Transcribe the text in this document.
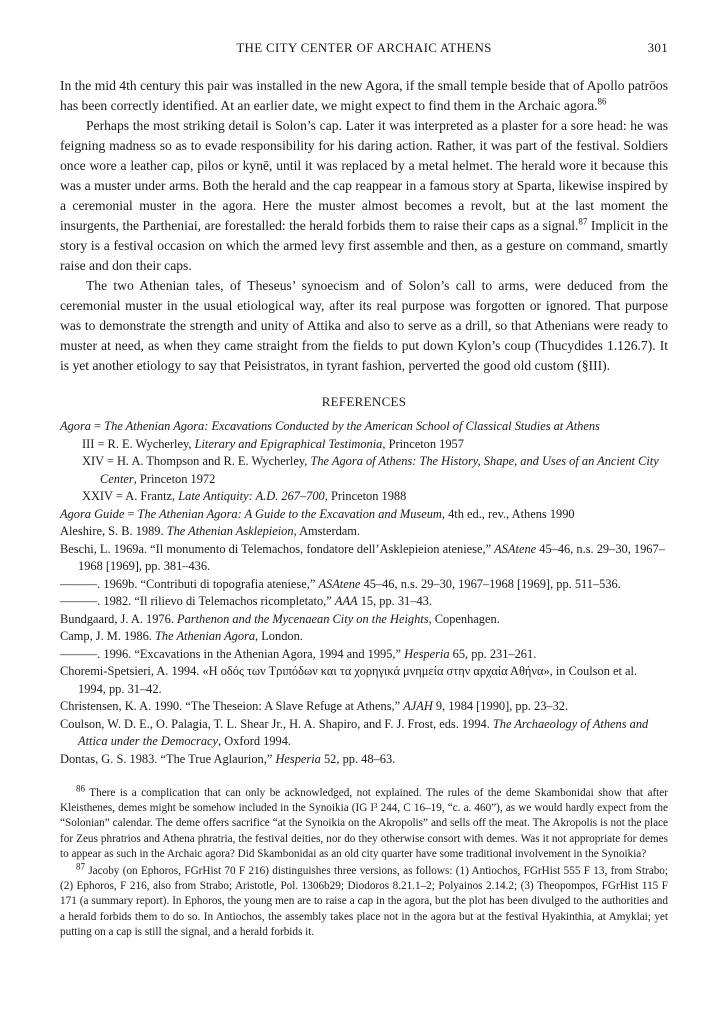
THE CITY CENTER OF ARCHAIC ATHENS	301

In the mid 4th century this pair was installed in the new Agora, if the small temple beside that of Apollo patrōos has been correctly identified. At an earlier date, we might expect to find them in the Archaic agora.$^{86}$

Perhaps the most striking detail is Solon’s cap. Later it was interpreted as a plaster for a sore head: he was feigning madness so as to evade responsibility for his daring action. Rather, it was part of the festival. Soldiers once wore a leather cap, pilos or kynē, until it was replaced by a metal helmet. The herald wore it because this was a muster under arms. Both the herald and the cap reappear in a famous story at Sparta, likewise inspired by a ceremonial muster in the agora. Here the muster almost becomes a revolt, but at the last moment the insurgents, the Partheniai, are forestalled: the herald forbids them to raise their caps as a signal.$^{87}$ Implicit in the story is a festival occasion on which the armed levy first assemble and then, as a gesture on command, smartly raise and don their caps.

The two Athenian tales, of Theseus’ synoecism and of Solon’s call to arms, were deduced from the ceremonial muster in the usual etiological way, after its real purpose was forgotten or ignored. That purpose was to demonstrate the strength and unity of Attika and also to serve as a drill, so that Athenians were ready to muster at need, as when they came straight from the fields to put down Kylon’s coup (Thucydides 1.126.7). It is yet another etiology to say that Peisistratos, in tyrant fashion, perverted the good old custom (§III).

REFERENCES
Agora = The Athenian Agora: Excavations Conducted by the American School of Classical Studies at Athens
III = R. E. Wycherley, Literary and Epigraphical Testimonia, Princeton 1957
XIV = H. A. Thompson and R. E. Wycherley, The Agora of Athens: The History, Shape, and Uses of an Ancient City Center, Princeton 1972
XXIV = A. Frantz, Late Antiquity: A.D. 267–700, Princeton 1988
Agora Guide = The Athenian Agora: A Guide to the Excavation and Museum, 4th ed., rev., Athens 1990
Aleshire, S. B. 1989. The Athenian Asklepieion, Amsterdam.
Beschi, L. 1969a. “Il monumento di Telemachos, fondatore dell’Asklepieion ateniese,” ASAtene 45–46, n.s. 29–30, 1967–1968 [1969], pp. 381–436.
———. 1969b. “Contributi di topografia ateniese,” ASAtene 45–46, n.s. 29–30, 1967–1968 [1969], pp. 511–536.
———. 1982. “Il rilievo di Telemachos ricompletato,” AAA 15, pp. 31–43.
Bundgaard, J. A. 1976. Parthenon and the Mycenaean City on the Heights, Copenhagen.
Camp, J. M. 1986. The Athenian Agora, London.
———. 1996. “Excavations in the Athenian Agora, 1994 and 1995,” Hesperia 65, pp. 231–261.
Choremi-Spetsieri, A. 1994. «Η οδός των Τριπόδων και τα χορηγικά μνημεία στην αρχαία Αθήνα», in Coulson et al. 1994, pp. 31–42.
Christensen, K. A. 1990. “The Theseion: A Slave Refuge at Athens,” AJAH 9, 1984 [1990], pp. 23–32.
Coulson, W. D. E., O. Palagia, T. L. Shear Jr., H. A. Shapiro, and F. J. Frost, eds. 1994. The Archaeology of Athens and Attica under the Democracy, Oxford 1994.
Dontas, G. S. 1983. “The True Aglaurion,” Hesperia 52, pp. 48–63.

$^{86}$ There is a complication that can only be acknowledged, not explained. The rules of the deme Skambonidai show that after Kleisthenes, demes might be somehow included in the Synoikia (IG I³ 244, C 16–19, “c. a. 460”), as we would hardly expect from the “Solonian” calendar. The deme offers sacrifice “at the Synoikia on the Akropolis” and sells off the meat. The Akropolis is not the place for Zeus phratrios and Athena phratria, the festival deities, nor do they otherwise consort with demes. Was it not appropriate for demes to appear as such in the Archaic agora? Did Skambonidai as an old city quarter have some traditional involvement in the Synoikia?

$^{87}$ Jacoby (on Ephoros, FGrHist 70 F 216) distinguishes three versions, as follows: (1) Antiochos, FGrHist 555 F 13, from Strabo; (2) Ephoros, F 216, also from Strabo; Aristotle, Pol. 1306b29; Diodoros 8.21.1–2; Polyainos 2.14.2; (3) Theopompos, FGrHist 115 F 171 (a summary report). In Ephoros, the young men are to raise a cap in the agora, but the plot has been divulged to the authorities and a herald forbids them to do so. In Antiochos, the assembly takes place not in the agora but at the festival Hyakinthia, at Amyklai; yet putting on a cap is still the signal, and a herald forbids it.
